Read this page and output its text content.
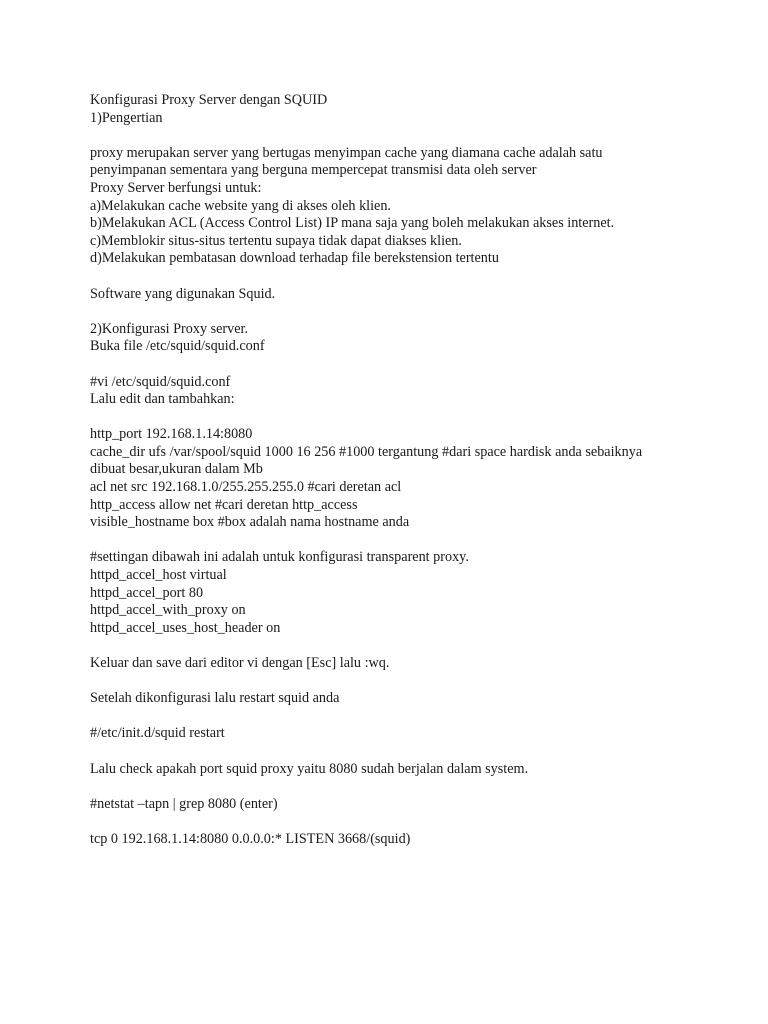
Konfigurasi Proxy Server dengan SQUID
1)Pengertian
proxy merupakan server yang bertugas menyimpan cache yang diamana cache adalah satu
penyimpanan sementara yang berguna mempercepat transmisi data oleh server
Proxy Server berfungsi untuk:
a)Melakukan cache website yang di akses oleh klien.
b)Melakukan ACL (Access Control List) IP mana saja yang boleh melakukan akses internet.
c)Memblokir situs-situs tertentu supaya tidak dapat diakses klien.
d)Melakukan pembatasan download terhadap file berekstension tertentu
Software yang digunakan Squid.
2)Konfigurasi Proxy server.
Buka file /etc/squid/squid.conf
#vi /etc/squid/squid.conf
Lalu edit dan tambahkan:
http_port 192.168.1.14:8080
cache_dir ufs /var/spool/squid 1000 16 256 #1000 tergantung #dari space hardisk anda sebaiknya
dibuat besar,ukuran dalam Mb
acl net src 192.168.1.0/255.255.255.0 #cari deretan acl
http_access allow net #cari deretan http_access
visible_hostname box #box adalah nama hostname anda
#settingan dibawah ini adalah untuk konfigurasi transparent proxy.
httpd_accel_host virtual
httpd_accel_port 80
httpd_accel_with_proxy on
httpd_accel_uses_host_header on
Keluar dan save dari editor vi dengan [Esc] lalu :wq.
Setelah dikonfigurasi lalu restart squid anda
#/etc/init.d/squid restart
Lalu check apakah port squid proxy yaitu 8080 sudah berjalan dalam system.
#netstat –tapn | grep 8080 (enter)
tcp 0 192.168.1.14:8080 0.0.0.0:* LISTEN 3668/(squid)
